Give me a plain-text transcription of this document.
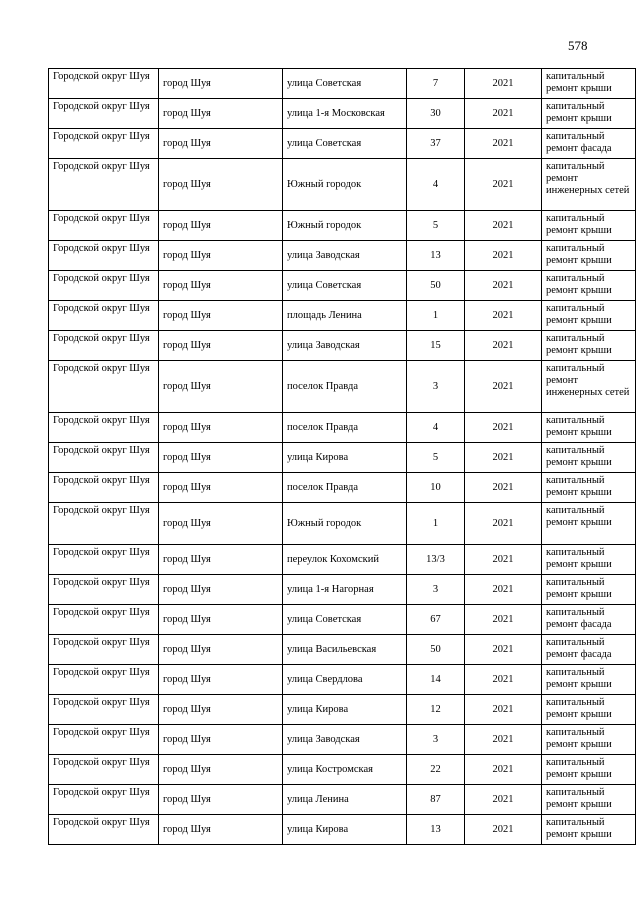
578
Городской округ Шуя	город Шуя	улица Советская	7	2021	капитальный ремонт крыши
Городской округ Шуя	город Шуя	улица 1-я Московская	30	2021	капитальный ремонт крыши
Городской округ Шуя	город Шуя	улица Советская	37	2021	капитальный ремонт фасада
Городской округ Шуя	город Шуя	Южный городок	4	2021	капитальный ремонт инженерных сетей
Городской округ Шуя	город Шуя	Южный городок	5	2021	капитальный ремонт крыши
Городской округ Шуя	город Шуя	улица Заводская	13	2021	капитальный ремонт крыши
Городской округ Шуя	город Шуя	улица Советская	50	2021	капитальный ремонт крыши
Городской округ Шуя	город Шуя	площадь Ленина	1	2021	капитальный ремонт крыши
Городской округ Шуя	город Шуя	улица Заводская	15	2021	капитальный ремонт крыши
Городской округ Шуя	город Шуя	поселок Правда	3	2021	капитальный ремонт инженерных сетей
Городской округ Шуя	город Шуя	поселок Правда	4	2021	капитальный ремонт крыши
Городской округ Шуя	город Шуя	улица Кирова	5	2021	капитальный ремонт крыши
Городской округ Шуя	город Шуя	поселок Правда	10	2021	капитальный ремонт крыши
Городской округ Шуя	город Шуя	Южный городок	1	2021	капитальный ремонт крыши
Городской округ Шуя	город Шуя	переулок Кохомский	13/3	2021	капитальный ремонт крыши
Городской округ Шуя	город Шуя	улица 1-я Нагорная	3	2021	капитальный ремонт крыши
Городской округ Шуя	город Шуя	улица Советская	67	2021	капитальный ремонт фасада
Городской округ Шуя	город Шуя	улица Васильевская	50	2021	капитальный ремонт фасада
Городской округ Шуя	город Шуя	улица Свердлова	14	2021	капитальный ремонт крыши
Городской округ Шуя	город Шуя	улица Кирова	12	2021	капитальный ремонт крыши
Городской округ Шуя	город Шуя	улица Заводская	3	2021	капитальный ремонт крыши
Городской округ Шуя	город Шуя	улица Костромская	22	2021	капитальный ремонт крыши
Городской округ Шуя	город Шуя	улица Ленина	87	2021	капитальный ремонт крыши
Городской округ Шуя	город Шуя	улица Кирова	13	2021	капитальный ремонт крыши
